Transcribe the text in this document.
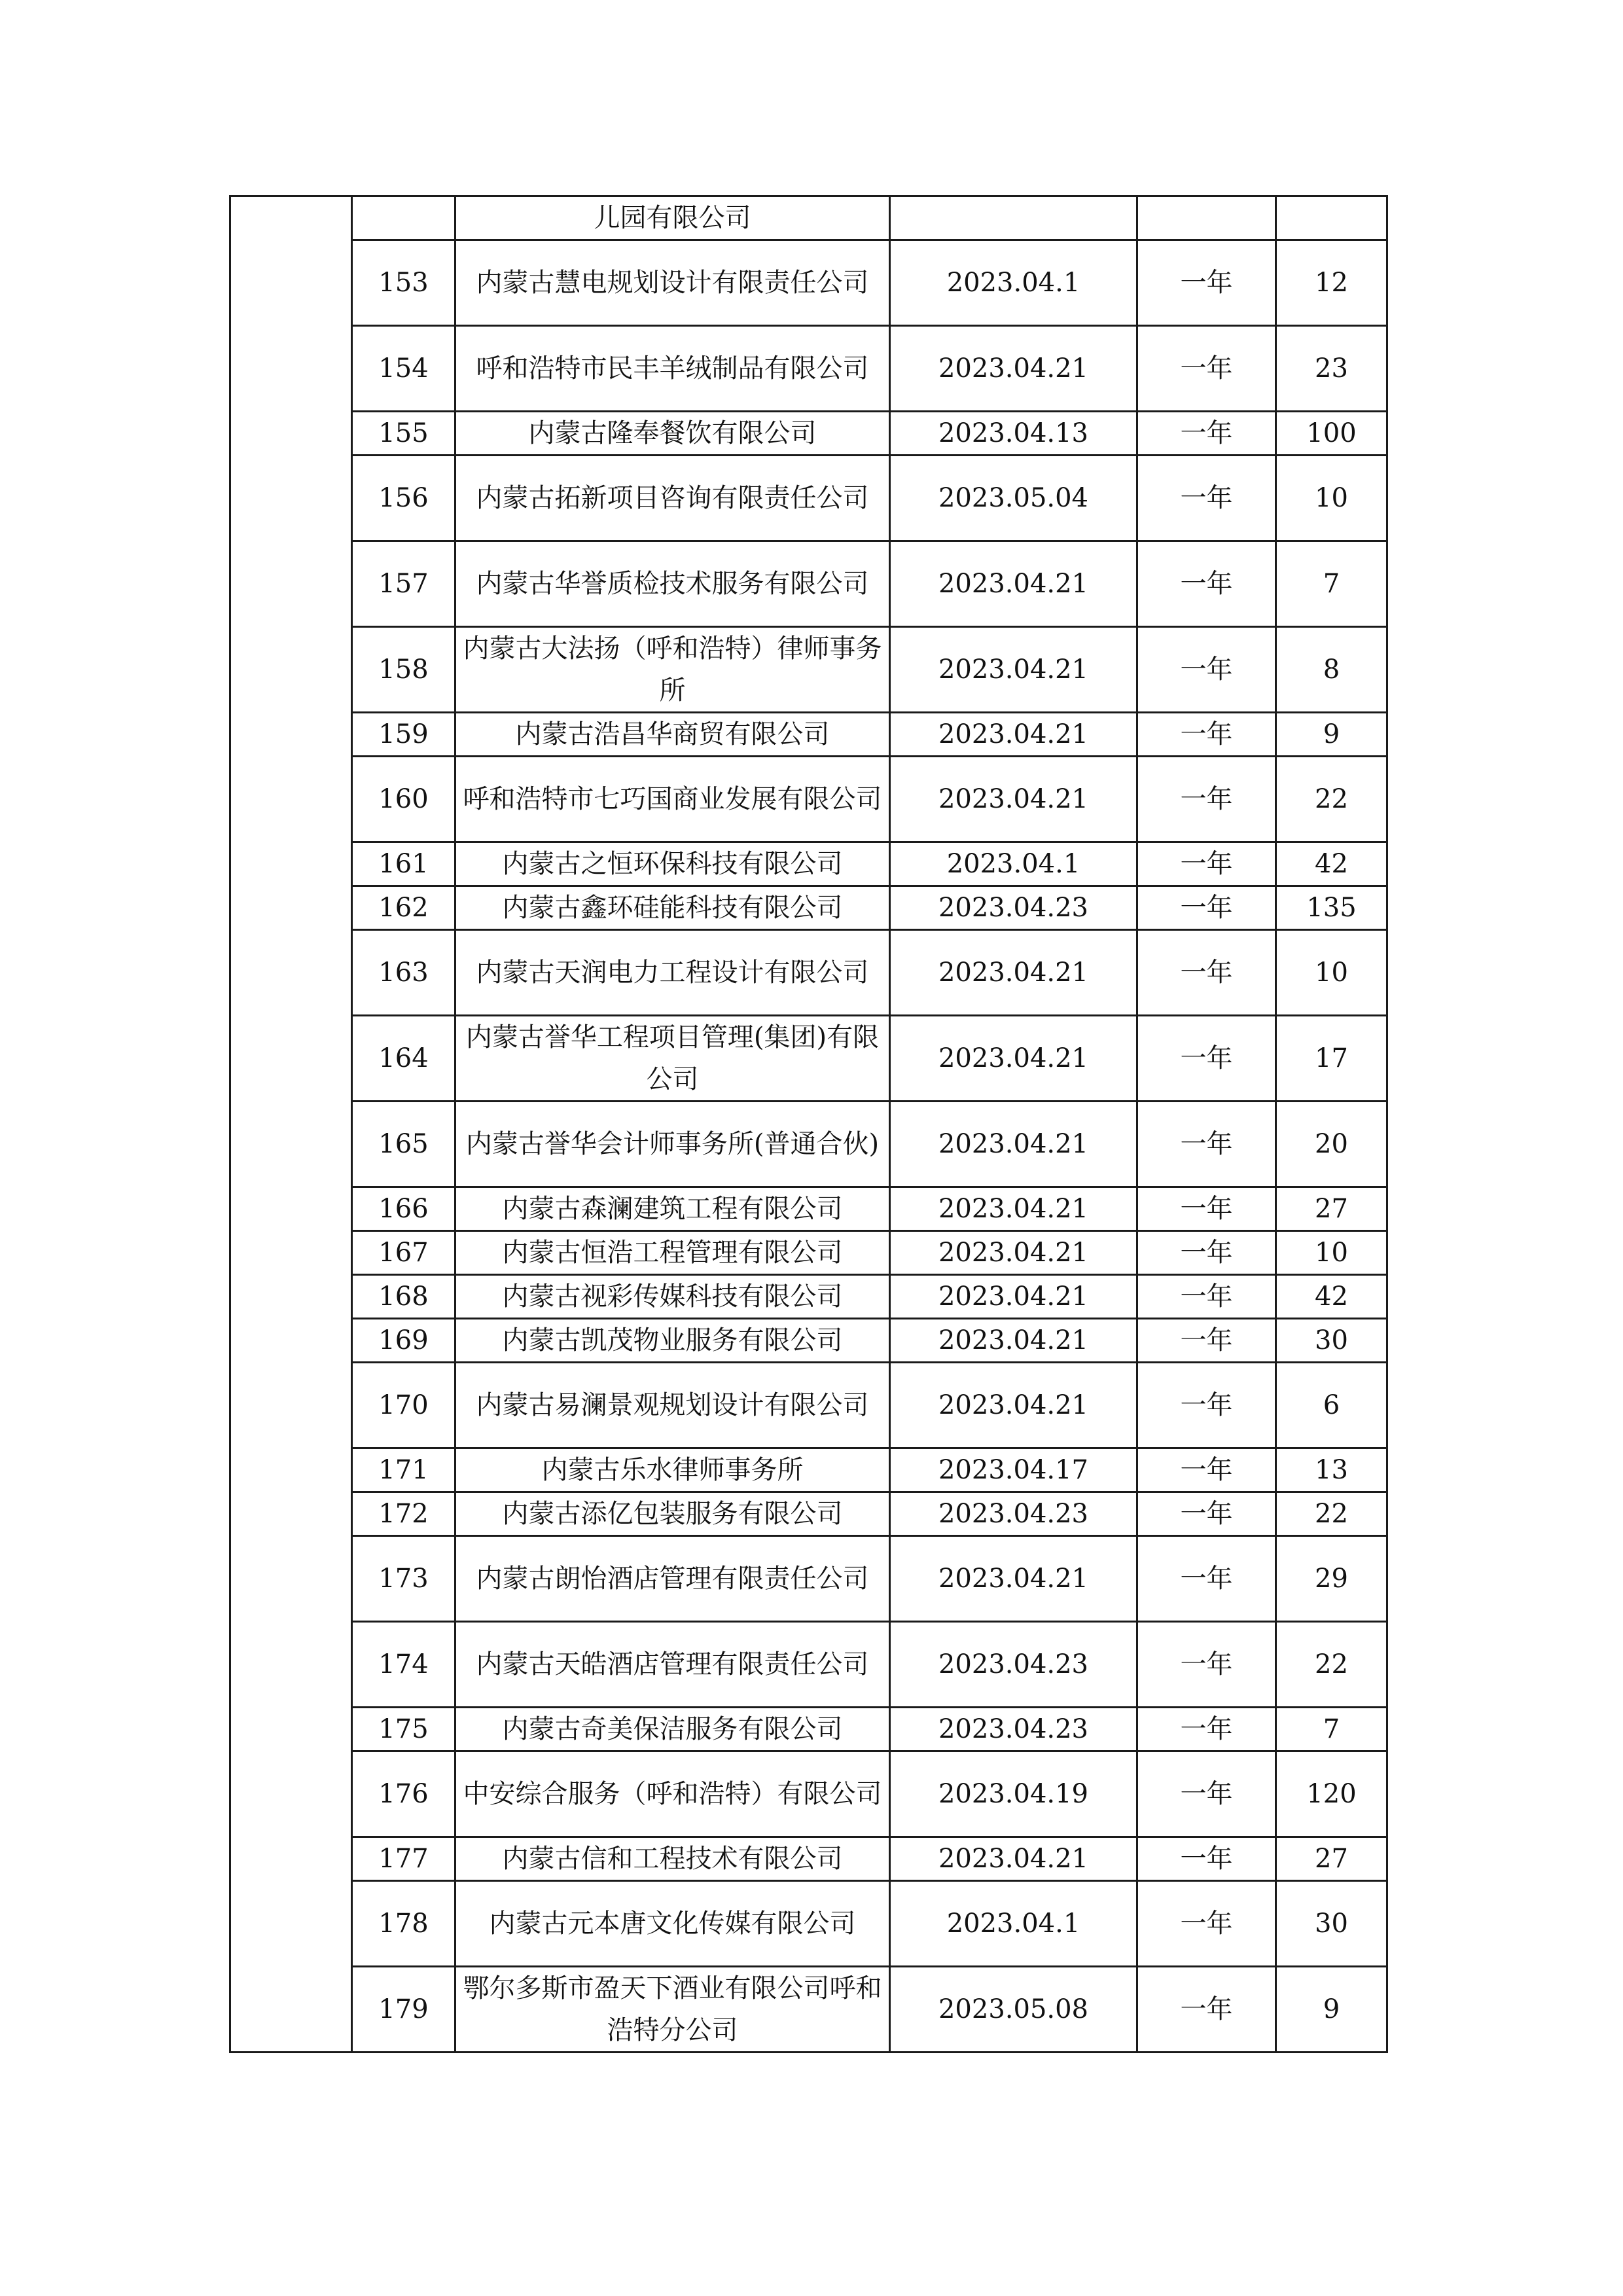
		儿园有限公司			
	153	内蒙古慧电规划设计有限责任公司	2023.04.1	一年	12
	154	呼和浩特市民丰羊绒制品有限公司	2023.04.21	一年	23
	155	内蒙古隆奉餐饮有限公司	2023.04.13	一年	100
	156	内蒙古拓新项目咨询有限责任公司	2023.05.04	一年	10
	157	内蒙古华誉质检技术服务有限公司	2023.04.21	一年	7
	158	内蒙古大法扬（呼和浩特）律师事务所	2023.04.21	一年	8
	159	内蒙古浩昌华商贸有限公司	2023.04.21	一年	9
	160	呼和浩特市七巧国商业发展有限公司	2023.04.21	一年	22
	161	内蒙古之恒环保科技有限公司	2023.04.1	一年	42
	162	内蒙古鑫环硅能科技有限公司	2023.04.23	一年	135
	163	内蒙古天润电力工程设计有限公司	2023.04.21	一年	10
	164	内蒙古誉华工程项目管理(集团)有限公司	2023.04.21	一年	17
	165	内蒙古誉华会计师事务所(普通合伙)	2023.04.21	一年	20
	166	内蒙古森澜建筑工程有限公司	2023.04.21	一年	27
	167	内蒙古恒浩工程管理有限公司	2023.04.21	一年	10
	168	内蒙古视彩传媒科技有限公司	2023.04.21	一年	42
	169	内蒙古凯茂物业服务有限公司	2023.04.21	一年	30
	170	内蒙古易澜景观规划设计有限公司	2023.04.21	一年	6
	171	内蒙古乐水律师事务所	2023.04.17	一年	13
	172	内蒙古添亿包装服务有限公司	2023.04.23	一年	22
	173	内蒙古朗怡酒店管理有限责任公司	2023.04.21	一年	29
	174	内蒙古天皓酒店管理有限责任公司	2023.04.23	一年	22
	175	内蒙古奇美保洁服务有限公司	2023.04.23	一年	7
	176	中安综合服务（呼和浩特）有限公司	2023.04.19	一年	120
	177	内蒙古信和工程技术有限公司	2023.04.21	一年	27
	178	内蒙古元本唐文化传媒有限公司	2023.04.1	一年	30
	179	鄂尔多斯市盈天下酒业有限公司呼和浩特分公司	2023.05.08	一年	9
